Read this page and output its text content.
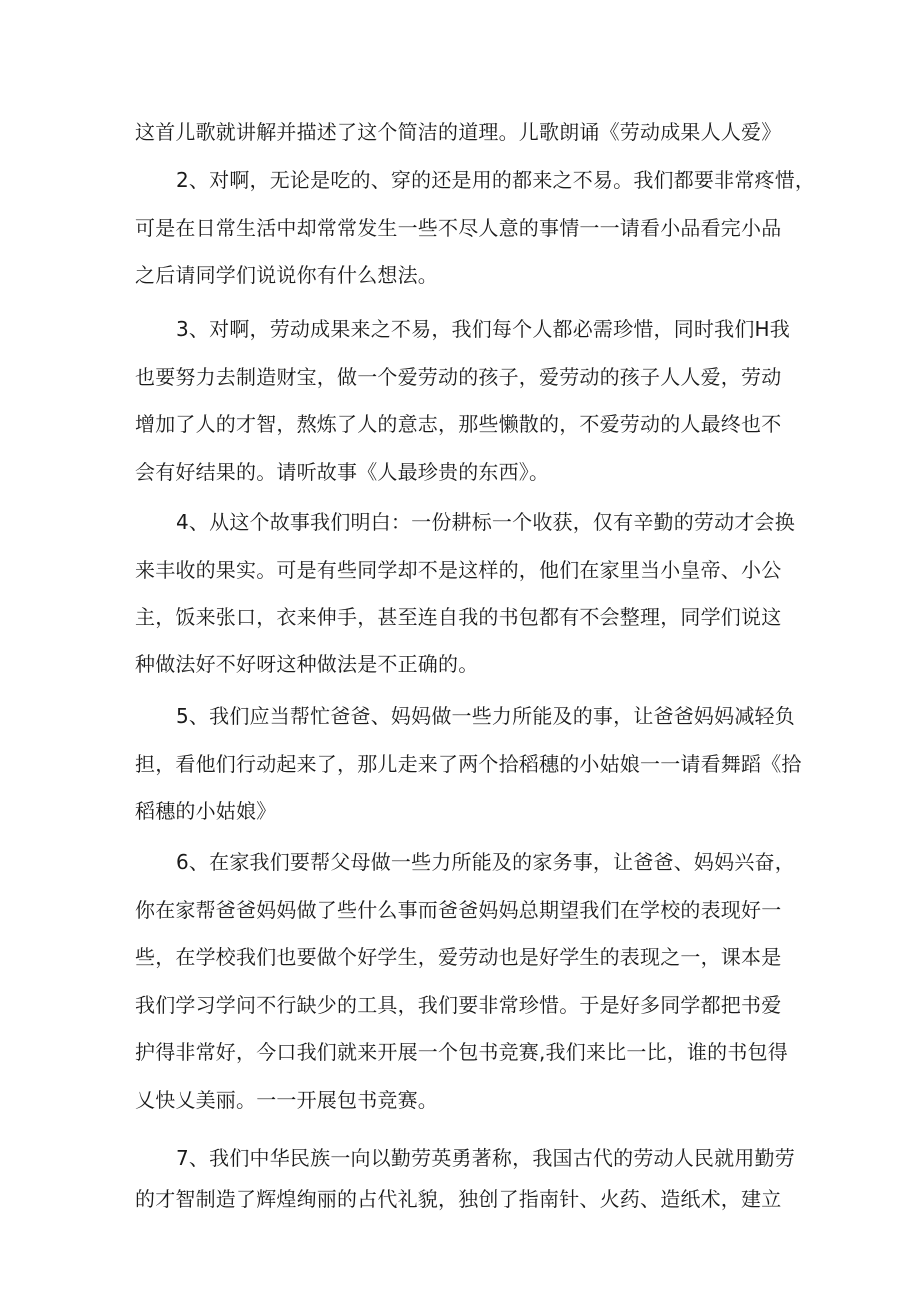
这首儿歌就讲解并描述了这个简洁的道理。儿歌朗诵《劳动成果人人爱》
2、对啊，无论是吃的、穿的还是用的都来之不易。我们都要非常疼惜，
可是在日常生活中却常常发生一些不尽人意的事情一一请看小品看完小品
之后请同学们说说你有什么想法。
3、对啊，劳动成果来之不易，我们每个人都必需珍惜，同时我们H我
也要努力去制造财宝，做一个爱劳动的孩子，爱劳动的孩子人人爱，劳动
增加了人的才智，熬炼了人的意志，那些懒散的，不爱劳动的人最终也不
会有好结果的。请听故事《人最珍贵的东西》。
4、从这个故事我们明白：一份耕标一个收获，仅有辛勤的劳动才会换
来丰收的果实。可是有些同学却不是这样的，他们在家里当小皇帝、小公
主，饭来张口，衣来伸手，甚至连自我的书包都有不会整理，同学们说这
种做法好不好呀这种做法是不正确的。
5、我们应当帮忙爸爸、妈妈做一些力所能及的事，让爸爸妈妈减轻负
担，看他们行动起来了，那儿走来了两个拾稻穗的小姑娘一一请看舞蹈《拾
稻穗的小姑娘》
6、在家我们要帮父母做一些力所能及的家务事，让爸爸、妈妈兴奋，
你在家帮爸爸妈妈做了些什么事而爸爸妈妈总期望我们在学校的表现好一
些，在学校我们也要做个好学生，爱劳动也是好学生的表现之一，课本是
我们学习学问不行缺少的工具，我们要非常珍惜。于是好多同学都把书爱
护得非常好，今口我们就来开展一个包书竞赛,我们来比一比，谁的书包得
乂快乂美丽。一一开展包书竞赛。
7、我们中华民族一向以勤劳英勇著称，我国古代的劳动人民就用勤劳
的才智制造了辉煌绚丽的占代礼貌，独创了指南针、火药、造纸术，建立
